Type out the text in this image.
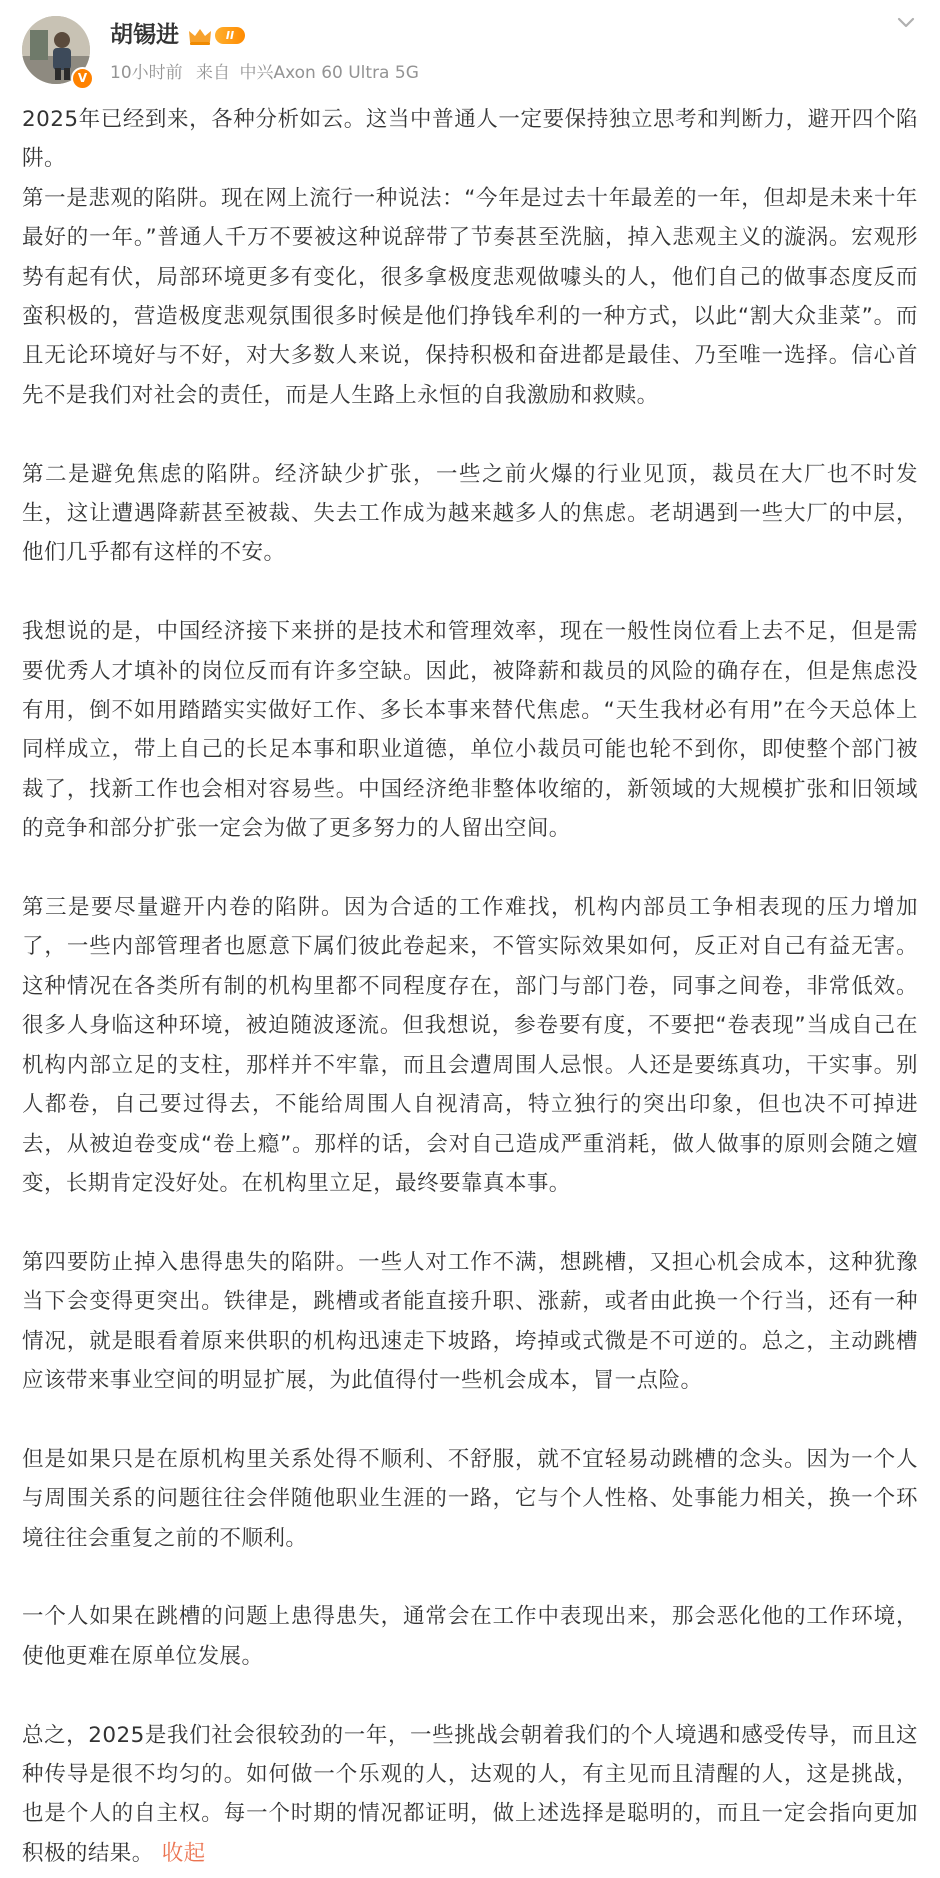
V
胡锡进	II
10小时前 来自 中兴Axon 60 Ultra 5G

2025年已经到来，各种分析如云。这当中普通人一定要保持独立思考和判断力，避开四个陷阱。

第一是悲观的陷阱。现在网上流行一种说法：“今年是过去十年最差的一年，但却是未来十年最好的一年。”普通人千万不要被这种说辞带了节奏甚至洗脑，掉入悲观主义的漩涡。宏观形势有起有伏，局部环境更多有变化，很多拿极度悲观做噱头的人，他们自己的做事态度反而蛮积极的，营造极度悲观氛围很多时候是他们挣钱牟利的一种方式，以此“割大众韭菜”。而且无论环境好与不好，对大多数人来说，保持积极和奋进都是最佳、乃至唯一选择。信心首先不是我们对社会的责任，而是人生路上永恒的自我激励和救赎。

第二是避免焦虑的陷阱。经济缺少扩张，一些之前火爆的行业见顶，裁员在大厂也不时发生，这让遭遇降薪甚至被裁、失去工作成为越来越多人的焦虑。老胡遇到一些大厂的中层，他们几乎都有这样的不安。

我想说的是，中国经济接下来拼的是技术和管理效率，现在一般性岗位看上去不足，但是需要优秀人才填补的岗位反而有许多空缺。因此，被降薪和裁员的风险的确存在，但是焦虑没有用，倒不如用踏踏实实做好工作、多长本事来替代焦虑。“天生我材必有用”在今天总体上同样成立，带上自己的长足本事和职业道德，单位小裁员可能也轮不到你，即使整个部门被裁了，找新工作也会相对容易些。中国经济绝非整体收缩的，新领域的大规模扩张和旧领域的竞争和部分扩张一定会为做了更多努力的人留出空间。

第三是要尽量避开内卷的陷阱。因为合适的工作难找，机构内部员工争相表现的压力增加了，一些内部管理者也愿意下属们彼此卷起来，不管实际效果如何，反正对自己有益无害。这种情况在各类所有制的机构里都不同程度存在，部门与部门卷，同事之间卷，非常低效。很多人身临这种环境，被迫随波逐流。但我想说，参卷要有度，不要把“卷表现”当成自己在机构内部立足的支柱，那样并不牢靠，而且会遭周围人忌恨。人还是要练真功，干实事。别人都卷，自己要过得去，不能给周围人自视清高，特立独行的突出印象，但也决不可掉进去，从被迫卷变成“卷上瘾”。那样的话，会对自己造成严重消耗，做人做事的原则会随之嬗变，长期肯定没好处。在机构里立足，最终要靠真本事。

第四要防止掉入患得患失的陷阱。一些人对工作不满，想跳槽，又担心机会成本，这种犹豫当下会变得更突出。铁律是，跳槽或者能直接升职、涨薪，或者由此换一个行当，还有一种情况，就是眼看着原来供职的机构迅速走下坡路，垮掉或式微是不可逆的。总之，主动跳槽应该带来事业空间的明显扩展，为此值得付一些机会成本，冒一点险。

但是如果只是在原机构里关系处得不顺利、不舒服，就不宜轻易动跳槽的念头。因为一个人与周围关系的问题往往会伴随他职业生涯的一路，它与个人性格、处事能力相关，换一个环境往往会重复之前的不顺利。

一个人如果在跳槽的问题上患得患失，通常会在工作中表现出来，那会恶化他的工作环境，使他更难在原单位发展。

总之，2025是我们社会很较劲的一年，一些挑战会朝着我们的个人境遇和感受传导，而且这种传导是很不均匀的。如何做一个乐观的人，达观的人，有主见而且清醒的人，这是挑战，也是个人的自主权。每一个时期的情况都证明，做上述选择是聪明的，而且一定会指向更加积极的结果。 收起
